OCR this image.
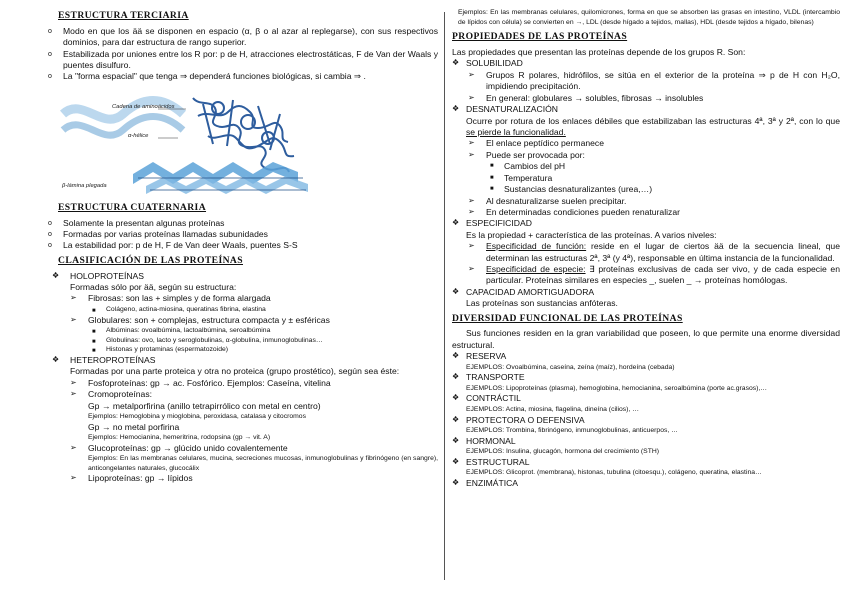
ESTRUCTURA TERCIARIA
o Modo en que los ää se disponen en espacio (α, β o al azar al replegarse), con sus respectivos dominios, para dar estructura de rango superior.
o Estabilizada por uniones entre los R por: p de H, atracciones electrostáticas, F de Van der Waals y puentes disulfuro.
o La "forma espacial" que tenga ⇒ dependerá funciones biológicas, si cambia ⇒ .
Cadena de aminoácidos
α-hélice
β-lámina plegada
ESTRUCTURA CUATERNARIA
o Solamente la presentan algunas proteínas
o Formadas por varias proteínas llamadas subunidades
o La estabilidad por: p de H, F de Van deer Waals, puentes S-S
CLASIFICACIÓN DE LAS PROTEÍNAS
❖ HOLOPROTEÍNAS
Formadas sólo por ää, según su estructura:
➢ Fibrosas: son las + simples y de forma alargada
■ Colágeno, actina-miosina, queratinas fibrina, elastina
➢ Globulares: son + complejas, estructura compacta y ± esféricas
■ Albúminas: ovoalbúmina, lactoalbúmina, seroalbúmina
■ Globulinas: ovo, lacto y seroglobulinas, α-globulina, inmunoglobulinas…
■ Histonas y protaminas (espermatozoide)
❖ HETEROPROTEÍNAS
Formadas por una parte proteica y otra no proteica (grupo prostético), según sea éste:
➢ Fosfoproteínas: gp → ac. Fosfórico. Ejemplos: Caseína, vitelina
➢ Cromoproteínas:
Gp → metalporfirina (anillo tetrapirrólico con metal en centro)
Ejemplos: Hemoglobina y mioglobina, peroxidasa, catalasa y citocromos
Gp → no metal porfirina
Ejemplos: Hemocianina, hemeritrina, rodopsina (gp → vit. A)
➢ Glucoproteínas: gp → glúcido unido covalentemente
Ejemplos: En las membranas celulares, mucina, secreciones mucosas, inmunoglobulinas y fibrinógeno (en sangre), anticongelantes naturales, glucocálix
➢ Lipoproteínas: gp → lípidos
Ejemplos: En las membranas celulares, quilomicrones, forma en que se absorben las grasas en intestino, VLDL (intercambio de lípidos con célula) se convierten en →, LDL (desde hígado a tejidos, mallas), HDL (desde tejidos a hígado, bilenas)
PROPIEDADES DE LAS PROTEÍNAS
Las propiedades que presentan las proteínas depende de los grupos R. Son:
❖ SOLUBILIDAD
➢ Grupos R polares, hidrófilos, se sitúa en el exterior de la proteína ⇒ p de H con H₂O, impidiendo precipitación.
➢ En general: globulares → solubles, fibrosas → insolubles
❖ DESNATURALIZACIÓN
Ocurre por rotura de los enlaces débiles que estabilizaban las estructuras 4ª, 3ª y 2ª, con lo que se pierde la funcionalidad.
➢ El enlace peptídico permanece
➢ Puede ser provocada por:
■ Cambios del pH
■ Temperatura
■ Sustancias desnaturalizantes (urea,…)
➢ Al desnaturalizarse suelen precipitar.
➢ En determinadas condiciones pueden renaturalizar
❖ ESPECIFICIDAD
Es la propiedad + característica de las proteínas. A varios niveles:
➢ Especificidad de función: reside en el lugar de ciertos ää de la secuencia lineal, que determinan las estructuras 2ª, 3ª (y 4ª), responsable en última instancia de la funcionalidad.
➢ Especificidad de especie: ∃ proteínas exclusivas de cada ser vivo, y de cada especie en particular. Proteínas similares en especies _, suelen _ → proteínas homólogas.
❖ CAPACIDAD AMORTIGUADORA
Las proteínas son sustancias anfóteras.
DIVERSIDAD FUNCIONAL DE LAS PROTEÍNAS
Sus funciones residen en la gran variabilidad que poseen, lo que permite una enorme diversidad estructural.
❖ RESERVA
EJEMPLOS: Ovoalbúmina, caseína, zeína (maíz), hordeína (cebada)
❖ TRANSPORTE
EJEMPLOS: Lipoproteínas (plasma), hemoglobina, hemocianina, seroalbúmina (porte ac.grasos),…
❖ CONTRÁCTIL
EJEMPLOS: Actina, miosina, flagelina, dineína (cilios), …
❖ PROTECTORA O DEFENSIVA
EJEMPLOS: Trombina, fibrinógeno, inmunoglobulinas, anticuerpos, …
❖ HORMONAL
EJEMPLOS: Insulina, glucagón, hormona del crecimiento (STH)
❖ ESTRUCTURAL
EJEMPLOS: Glicoprot. (membrana), histonas, tubulina (citoesqu.), colágeno, queratina, elastina…
❖ ENZIMÁTICA
